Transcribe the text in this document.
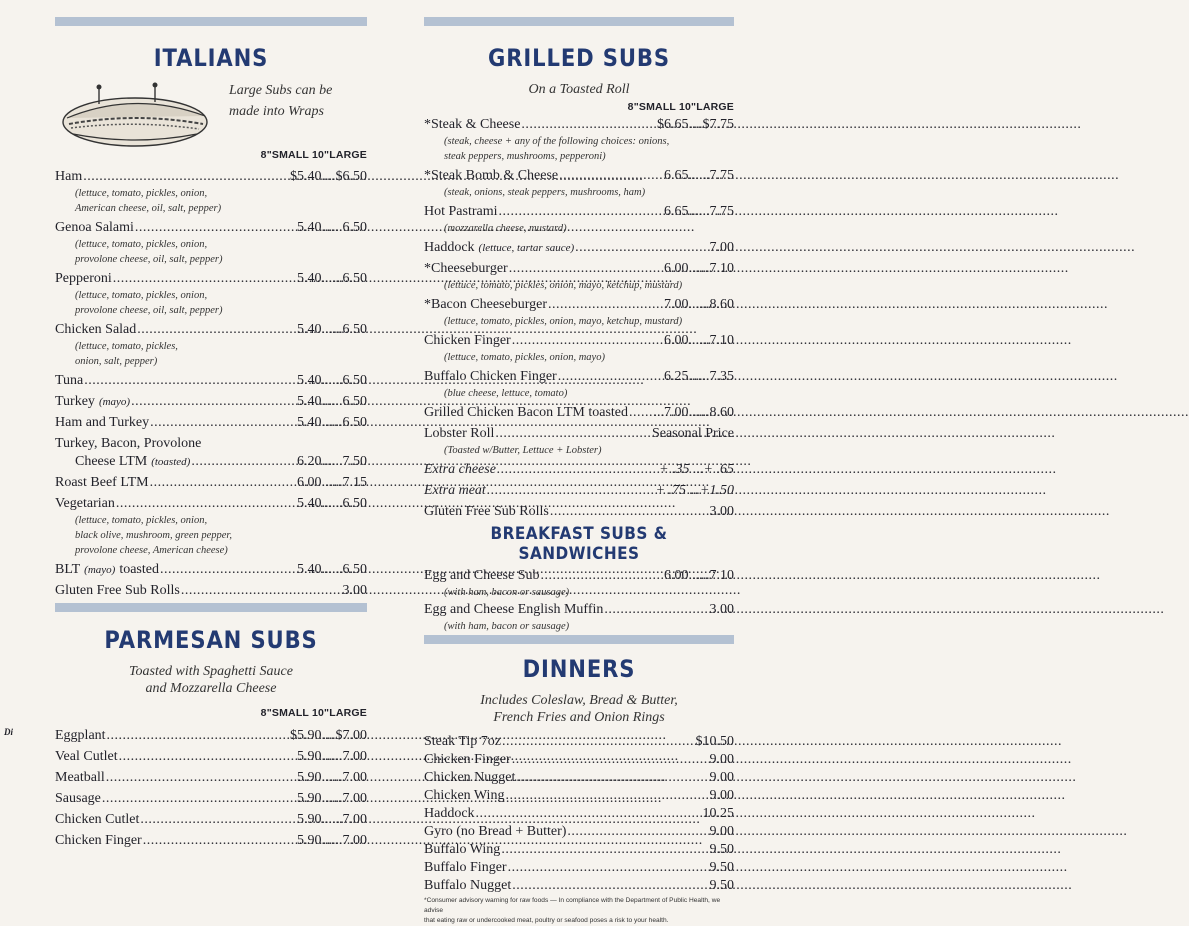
Di
ITALIANS
Large Subs can be made into Wraps
8"SMALL 10"LARGE
Ham .....	$5.40....$6.50
(lettuce, tomato, pickles, onion,
American cheese, oil, salt, pepper)
Genoa Salami .....	5.40......6.50
(lettuce, tomato, pickles, onion,
provolone cheese, oil, salt, pepper)
Pepperoni .....	5.40......6.50
(lettuce, tomato, pickles, onion,
provolone cheese, oil, salt, pepper)
Chicken Salad .....	5.40......6.50
(lettuce, tomato, pickles,
onion, salt, pepper)
Tuna .....	5.40......6.50
Turkey (mayo) .....	5.40......6.50
Ham and Turkey .....	5.40......6.50
Turkey, Bacon, Provolone
Cheese LTM (toasted) .....	6.20......7.50
Roast Beef LTM .....	6.00......7.15
Vegetarian .....	5.40......6.50
(lettuce, tomato, pickles, onion,
black olive, mushroom, green pepper,
provolone cheese, American cheese)
BLT (mayo) toasted .....	5.40......6.50
Gluten Free Sub Rolls .....	3.00
PARMESAN SUBS
Toasted with Spaghetti Sauce
and Mozzarella Cheese
8"SMALL 10"LARGE
Eggplant .....	$5.90....$7.00
Veal Cutlet .....	5.90......7.00
Meatball .....	5.90......7.00
Sausage .....	5.90......7.00
Chicken Cutlet .....	5.90......7.00
Chicken Finger .....	5.90......7.00
GRILLED SUBS
On a Toasted Roll
8"SMALL 10"LARGE
*Steak & Cheese .....	$6.65....$7.75
(steak, cheese + any of the following choices: onions,
steak peppers, mushrooms, pepperoni)
*Steak Bomb & Cheese .....	6.65......7.75
(steak, onions, steak peppers, mushrooms, ham)
Hot Pastrami .....	6.65......7.75
(mozzarella cheese, mustard)
Haddock (lettuce, tartar sauce) .....	7.00
*Cheeseburger .....	6.00......7.10
(lettuce, tomato, pickles, onion, mayo, ketchup, mustard)
*Bacon Cheeseburger .....	7.00......8.60
(lettuce, tomato, pickles, onion, mayo, ketchup, mustard)
Chicken Finger .....	6.00......7.10
(lettuce, tomato, pickles, onion, mayo)
Buffalo Chicken Finger .....	6.25......7.35
(blue cheese, lettuce, tomato)
Grilled Chicken Bacon LTM toasted ..... ...7.00......8.60
Lobster Roll .....	Seasonal Price
(Toasted w/Butter, Lettuce + Lobster)
Extra cheese .....	+ .35 ...+ .65
Extra meat .....	+ .75 ...+1.50
Gluten Free Sub Rolls .....	3.00
BREAKFAST SUBS & SANDWICHES
Egg and Cheese Sub .....	6.00......7.10
(with ham, bacon or sausage)
Egg and Cheese English Muffin .....	3.00
(with ham, bacon or sausage)
DINNERS
Includes Coleslaw, Bread & Butter,
French Fries and Onion Rings
Steak Tip 7oz .....	$10.50
Chicken Finger .....	9.00
Chicken Nugget .....	9.00
Chicken Wing .....	9.00
Haddock .....	10.25
Gyro (no Bread + Butter) .....	9.00
Buffalo Wing .....	9.50
Buffalo Finger .....	9.50
Buffalo Nugget .....	9.50
*Consumer advisory warning for raw foods — In compliance with the Department of Public Health, we advise
that eating raw or undercooked meat, poultry or seafood poses a risk to your health.
